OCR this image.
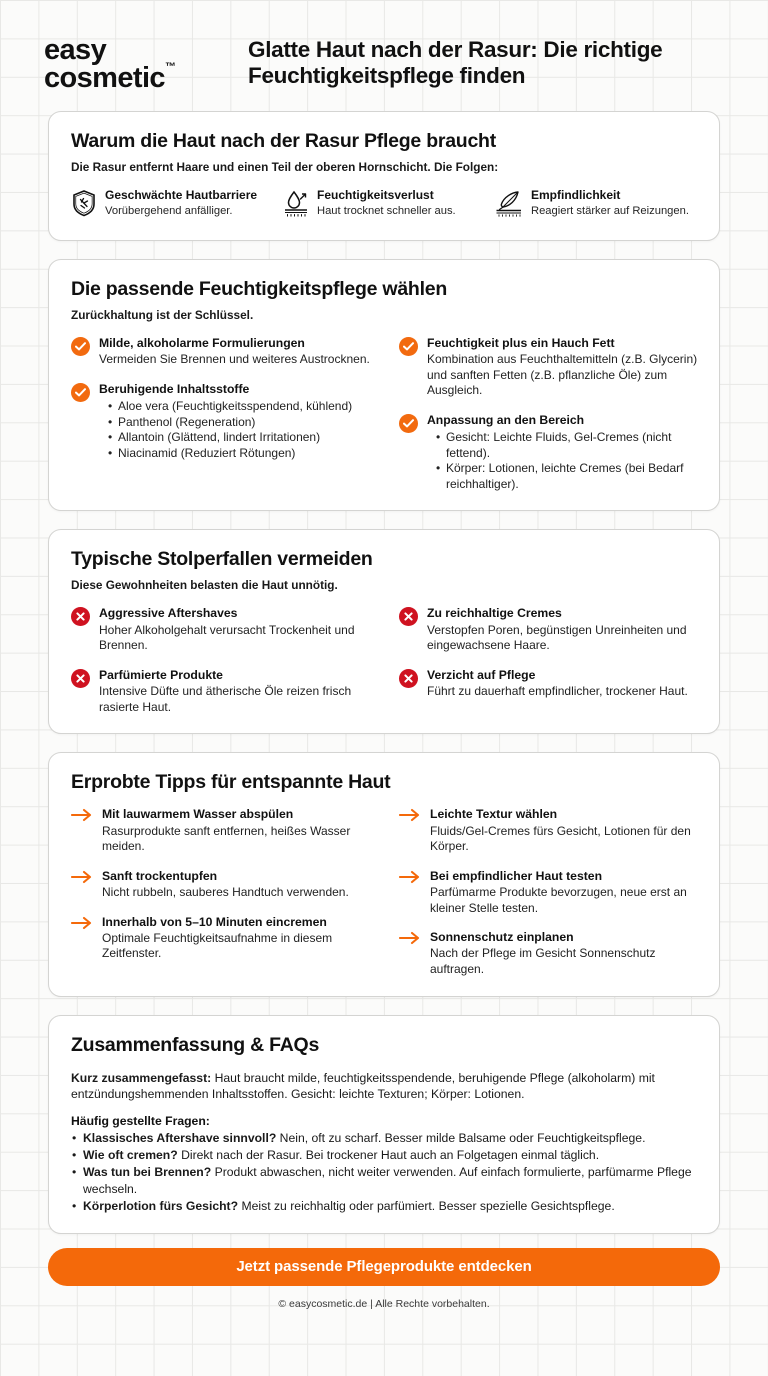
easy
cosmetic™
Glatte Haut nach der Rasur: Die richtige Feuchtigkeitspflege finden
Warum die Haut nach der Rasur Pflege braucht
Die Rasur entfernt Haare und einen Teil der oberen Hornschicht. Die Folgen:
Geschwächte Hautbarriere
Vorübergehend anfälliger.
Feuchtigkeitsverlust
Haut trocknet schneller aus.
Empfindlichkeit
Reagiert stärker auf Reizungen.
Die passende Feuchtigkeitspflege wählen
Zurückhaltung ist der Schlüssel.
Milde, alkoholarme Formulierungen
Vermeiden Sie Brennen und weiteres Austrocknen.
Beruhigende Inhaltsstoffe
• Aloe vera (Feuchtigkeitsspendend, kühlend)
• Panthenol (Regeneration)
• Allantoin (Glättend, lindert Irritationen)
• Niacinamid (Reduziert Rötungen)
Feuchtigkeit plus ein Hauch Fett
Kombination aus Feuchthaltemitteln (z.B. Glycerin) und sanften Fetten (z.B. pflanzliche Öle) zum Ausgleich.
Anpassung an den Bereich
• Gesicht: Leichte Fluids, Gel-Cremes (nicht fettend).
• Körper: Lotionen, leichte Cremes (bei Bedarf reichhaltiger).
Typische Stolperfallen vermeiden
Diese Gewohnheiten belasten die Haut unnötig.
Aggressive Aftershaves
Hoher Alkoholgehalt verursacht Trockenheit und Brennen.
Parfümierte Produkte
Intensive Düfte und ätherische Öle reizen frisch rasierte Haut.
Zu reichhaltige Cremes
Verstopfen Poren, begünstigen Unreinheiten und eingewachsene Haare.
Verzicht auf Pflege
Führt zu dauerhaft empfindlicher, trockener Haut.
Erprobte Tipps für entspannte Haut
Mit lauwarmem Wasser abspülen
Rasurprodukte sanft entfernen, heißes Wasser meiden.
Sanft trockentupfen
Nicht rubbeln, sauberes Handtuch verwenden.
Innerhalb von 5–10 Minuten eincremen
Optimale Feuchtigkeitsaufnahme in diesem Zeitfenster.
Leichte Textur wählen
Fluids/Gel-Cremes fürs Gesicht, Lotionen für den Körper.
Bei empfindlicher Haut testen
Parfümarme Produkte bevorzugen, neue erst an kleiner Stelle testen.
Sonnenschutz einplanen
Nach der Pflege im Gesicht Sonnenschutz auftragen.
Zusammenfassung & FAQs
Kurz zusammengefasst: Haut braucht milde, feuchtigkeitsspendende, beruhigende Pflege (alkoholarm) mit entzündungshemmenden Inhaltsstoffen. Gesicht: leichte Texturen; Körper: Lotionen.
Häufig gestellte Fragen:
• Klassisches Aftershave sinnvoll? Nein, oft zu scharf. Besser milde Balsame oder Feuchtigkeitspflege.
• Wie oft cremen? Direkt nach der Rasur. Bei trockener Haut auch an Folgetagen einmal täglich.
• Was tun bei Brennen? Produkt abwaschen, nicht weiter verwenden. Auf einfach formulierte, parfümarme Pflege wechseln.
• Körperlotion fürs Gesicht? Meist zu reichhaltig oder parfümiert. Besser spezielle Gesichtspflege.
Jetzt passende Pflegeprodukte entdecken
© easycosmetic.de | Alle Rechte vorbehalten.
